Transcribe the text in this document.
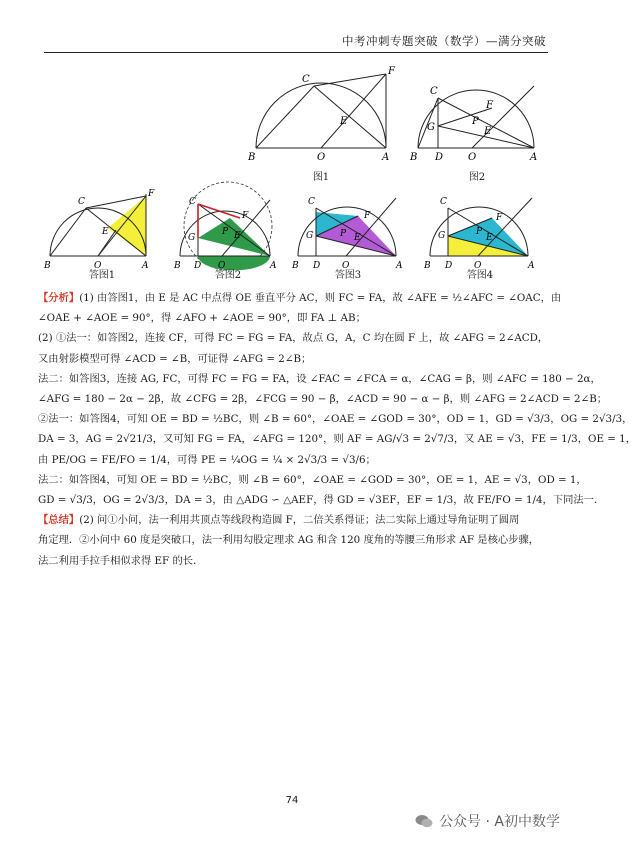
中考冲刺专题突破（数学）—满分突破
C
F
E
B	O	A
图1
C
F
P
E
G
B D O	A
图2
C
F
E
B	O	A
答图1
C
F
P E
G
B D O	A
答图2
C
F
P E
G
B D O	A
答图3
C
F
P
E
G
B D O	A
答图4
【分析】(1) 由答图1，由 E 是 AC 中点得 OE 垂直平分 AC，则 FC = FA，故 ∠AFE = ½∠AFC = ∠OAC，由
∠OAE + ∠AOE = 90°，得 ∠AFO + ∠AOE = 90°，即 FA ⊥ AB；
(2) ①法一：如答图2，连接 CF，可得 FC = FG = FA，故点 G，A，C 均在圆 F 上，故 ∠AFG = 2∠ACD，
又由射影模型可得 ∠ACD = ∠B，可证得 ∠AFG = 2∠B；
法二：如答图3，连接 AG, FC，可得 FC = FG = FA，设 ∠FAC = ∠FCA = α，∠CAG = β，则 ∠AFC = 180 − 2α，
∠AFG = 180 − 2α − 2β，故 ∠CFG = 2β，∠FCG = 90 − β，∠ACD = 90 − α − β，则 ∠AFG = 2∠ACD = 2∠B；
②法一：如答图4，可知 OE = BD = ½BC，则 ∠B = 60°，∠OAE = ∠GOD = 30°，OD = 1，GD = √3/3，OG = 2√3/3，
DA = 3，AG = 2√21/3，又可知 FG = FA，∠AFG = 120°，则 AF = AG/√3 = 2√7/3，又 AE = √3，FE = 1/3，OE = 1，
由 PE/OG = FE/FO = 1/4，可得 PE = ¼OG = ¼ × 2√3/3 = √3/6；
法二：如答图4，可知 OE = BD = ½BC，则 ∠B = 60°，∠OAE = ∠GOD = 30°，OE = 1，AE = √3，OD = 1，
GD = √3/3，OG = 2√3/3，DA = 3，由 △ADG ∽ △AEF，得 GD = √3EF，EF = 1/3，故 FE/FO = 1/4，下同法一.
【总结】(2) 问①小问，法一利用共顶点等线段构造圆 F，二倍关系得证；法二实际上通过导角证明了圆周
角定理．②小问中 60 度是突破口，法一利用勾股定理求 AG 和含 120 度角的等腰三角形求 AF 是核心步骤，
法二利用手拉手相似求得 EF 的长．
74
公众号 · A初中数学
